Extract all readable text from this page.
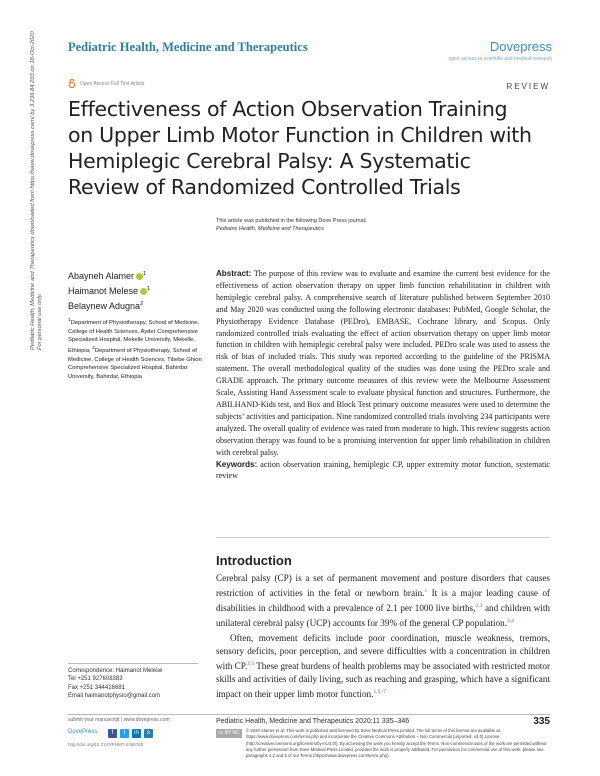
Pediatric Health, Medicine and Therapeutics	Dovepress
open access to scientific and medical research
Open Access Full Text Article	REVIEW
Effectiveness of Action Observation Training on Upper Limb Motor Function in Children with Hemiplegic Cerebral Palsy: A Systematic Review of Randomized Controlled Trials
This article was published in the following Dove Press journal:
Pediatric Health, Medicine and Therapeutics
Pediatric Health, Medicine and Therapeutics downloaded from https://www.dovepress.com/ by 3.236.84.203 on 18-Oct-2020 For personal use only.
Abayneh Alamer $^1$
Haimanot Melese $^1$
Belaynew Adugna$^2$
$^1$Department of Physiotherapy, School of Medicine, College of Health Sciences, Ayder Comprehensive Specialized Hospital, Mekelle University, Mekelle, Ethiopia; $^2$Department of Physiotherapy, School of Medicine, College of Health Sciences, Tibebe Ghion Comprehensive Specialized Hospital, Bahirdar University, Bahirdar, Ethiopia
Abstract: The purpose of this review was to evaluate and examine the current best evidence for the effectiveness of action observation therapy on upper limb function rehabilitation in children with hemiplegic cerebral palsy. A comprehensive search of literature published between September 2010 and May 2020 was conducted using the following electronic databases: PubMed, Google Scholar, the Physiotherapy Evidence Database (PEDro), EMBASE, Cochrane library, and Scopus. Only randomized controlled trials evaluating the effect of action observation therapy on upper limb motor function in children with hemiplegic cerebral palsy were included. PEDro scale was used to assess the risk of bias of included trials. This study was reported according to the guideline of the PRISMA statement. The overall methodological quality of the studies was done using the PEDro scale and GRADE approach. The primary outcome measures of this review were the Melbourne Assessment Scale, Assisting Hand Assessment scale to evaluate physical function and structures. Furthermore, the ABILHAND-Kids test, and Box and Block Test primary outcome measures were used to determine the subjects’ activities and participation. Nine randomized controlled trials involving 234 participants were analyzed. The overall quality of evidence was rated from moderate to high. This review suggests action observation therapy was found to be a promising intervention for upper limb rehabilitation in children with cerebral palsy.
Keywords: action observation training, hemiplegic CP, upper extremity motor function, systematic review
Introduction

Cerebral palsy (CP) is a set of permanent movement and posture disorders that causes restriction of activities in the fetal or newborn brain.$^1$ It is a major leading cause of disabilities in childhood with a prevalence of 2.1 per 1000 live births,$^{2,3}$ and children with unilateral cerebral palsy (UCP) accounts for 39% of the general CP population.$^{3,4}$

Often, movement deficits include poor coordination, muscle weakness, tremors, sensory deficits, poor perception, and severe difficulties with a concentration in children with CP.$^{2,5}$ These great burdens of health problems may be associated with restricted motor skills and activities of daily living, such as reaching and grasping, which have a significant impact on their upper limb motor function.$^{1,5-7}$

Correspondence: Haimanot Melese
Tel +251 927608383
Fax +251 344416681
Email haimanotphysio@gmail.com
submit your manuscript | www.dovepress.com	Pediatric Health, Medicine and Therapeutics 2020:11 335–346	335
DovePress	f	t	in	s
http://doi.org/10.2147/PHMT.S266720
cc BY NC	© 2020 Alamer et al. This work is published and licensed by Dove Medical Press Limited. The full terms of this license are available at https://www.dovepress.com/terms.php and incorporate the Creative Commons Attribution – Non Commercial (unported, v3.0) License (http://creativecommons.org/licenses/by-nc/3.0/). By accessing the work you hereby accept the Terms. Non-commercial uses of the work are permitted without any further permission from Dove Medical Press Limited, provided the work is properly attributed. For permission for commercial use of this work, please see paragraphs 4.2 and 5 of our Terms (https://www.dovepress.com/terms.php).
